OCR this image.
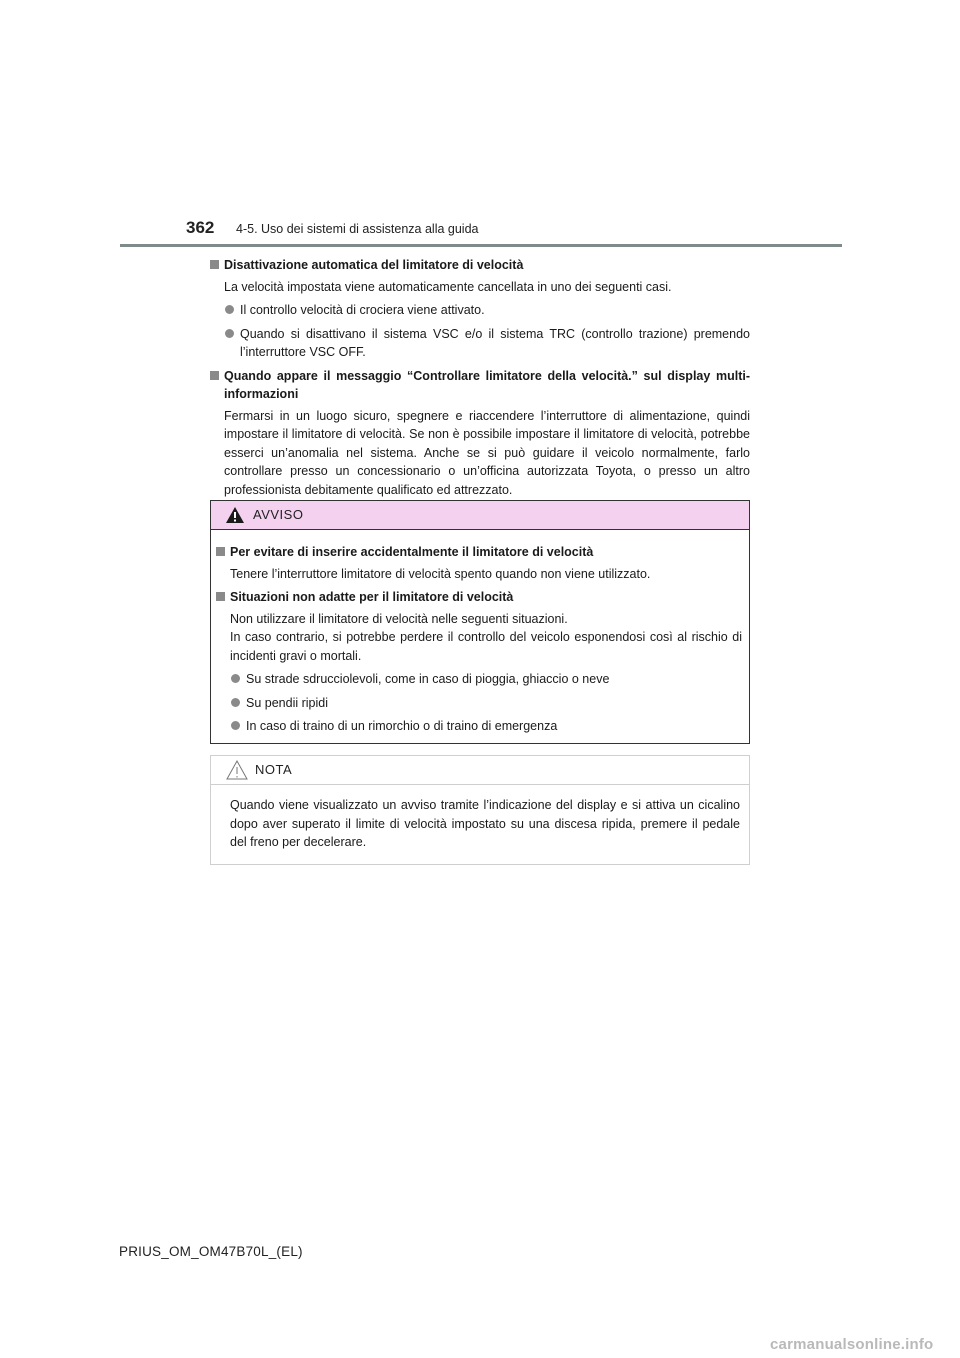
362 4-5. Uso dei sistemi di assistenza alla guida
Disattivazione automatica del limitatore di velocità
La velocità impostata viene automaticamente cancellata in uno dei seguenti casi.
Il controllo velocità di crociera viene attivato.
Quando si disattivano il sistema VSC e/o il sistema TRC (controllo trazione) premendo l’interruttore VSC OFF.
Quando appare il messaggio “Controllare limitatore della velocità.” sul display multi-informazioni
Fermarsi in un luogo sicuro, spegnere e riaccendere l’interruttore di alimentazione, quindi impostare il limitatore di velocità. Se non è possibile impostare il limitatore di velocità, potrebbe esserci un’anomalia nel sistema. Anche se si può guidare il veicolo normalmente, farlo controllare presso un concessionario o un’officina autorizzata Toyota, o presso un altro professionista debitamente qualificato ed attrezzato.
AVVISO
Per evitare di inserire accidentalmente il limitatore di velocità
Tenere l’interruttore limitatore di velocità spento quando non viene utilizzato.
Situazioni non adatte per il limitatore di velocità
Non utilizzare il limitatore di velocità nelle seguenti situazioni.
In caso contrario, si potrebbe perdere il controllo del veicolo esponendosi così al rischio di incidenti gravi o mortali.
Su strade sdrucciolevoli, come in caso di pioggia, ghiaccio o neve
Su pendii ripidi
In caso di traino di un rimorchio o di traino di emergenza
NOTA
Quando viene visualizzato un avviso tramite l’indicazione del display e si attiva un cicalino dopo aver superato il limite di velocità impostato su una discesa ripida, premere il pedale del freno per decelerare.
PRIUS_OM_OM47B70L_(EL)
carmanualsonline.info
